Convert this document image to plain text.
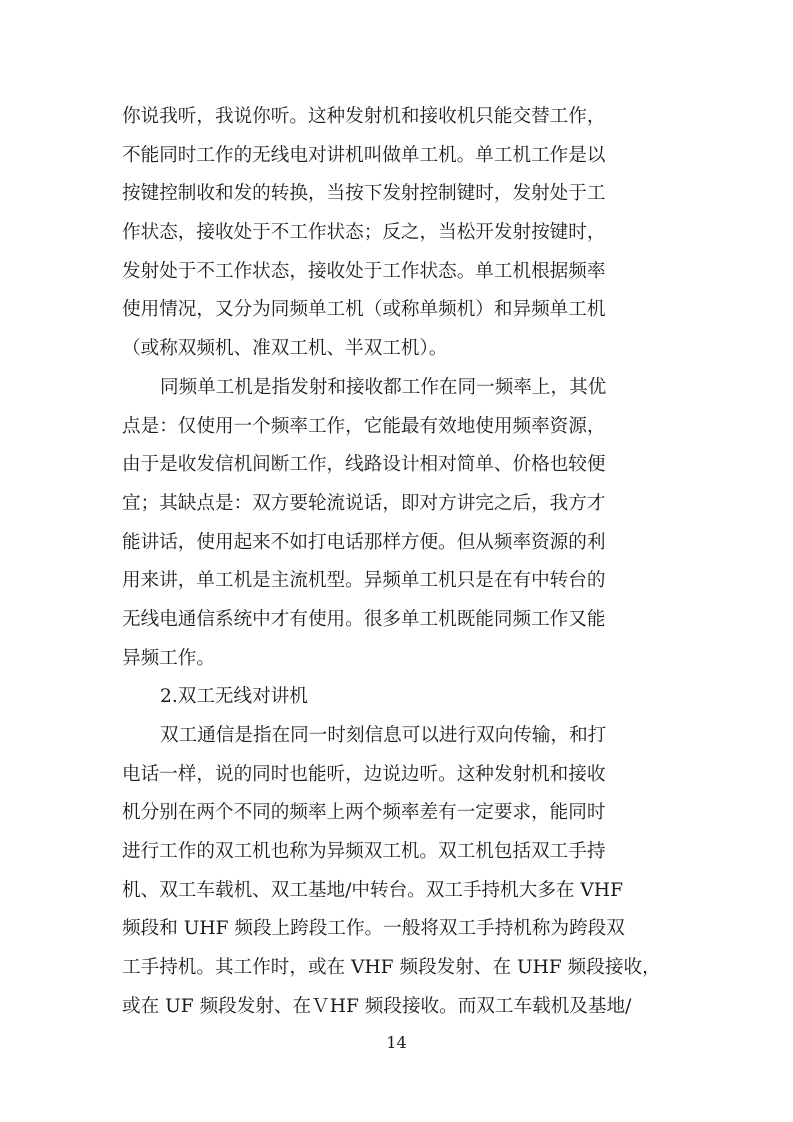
你说我听，我说你听。这种发射机和接收机只能交替工作，
不能同时工作的无线电对讲机叫做单工机。单工机工作是以
按键控制收和发的转换，当按下发射控制键时，发射处于工
作状态，接收处于不工作状态；反之，当松开发射按键时，
发射处于不工作状态，接收处于工作状态。单工机根据频率
使用情况，又分为同频单工机（或称单频机）和异频单工机
（或称双频机、准双工机、半双工机）。
同频单工机是指发射和接收都工作在同一频率上，其优
点是：仅使用一个频率工作，它能最有效地使用频率资源，
由于是收发信机间断工作，线路设计相对简单、价格也较便
宜；其缺点是：双方要轮流说话，即对方讲完之后，我方才
能讲话，使用起来不如打电话那样方便。但从频率资源的利
用来讲，单工机是主流机型。异频单工机只是在有中转台的
无线电通信系统中才有使用。很多单工机既能同频工作又能
异频工作。
2.双工无线对讲机
双工通信是指在同一时刻信息可以进行双向传输，和打
电话一样，说的同时也能听，边说边听。这种发射机和接收
机分别在两个不同的频率上两个频率差有一定要求，能同时
进行工作的双工机也称为异频双工机。双工机包括双工手持
机、双工车载机、双工基地/中转台。双工手持机大多在 VHF
频段和 UHF 频段上跨段工作。一般将双工手持机称为跨段双
工手持机。其工作时，或在 VHF 频段发射、在 UHF 频段接收，
或在 UF 频段发射、在ＶHF 频段接收。而双工车载机及基地/
14
